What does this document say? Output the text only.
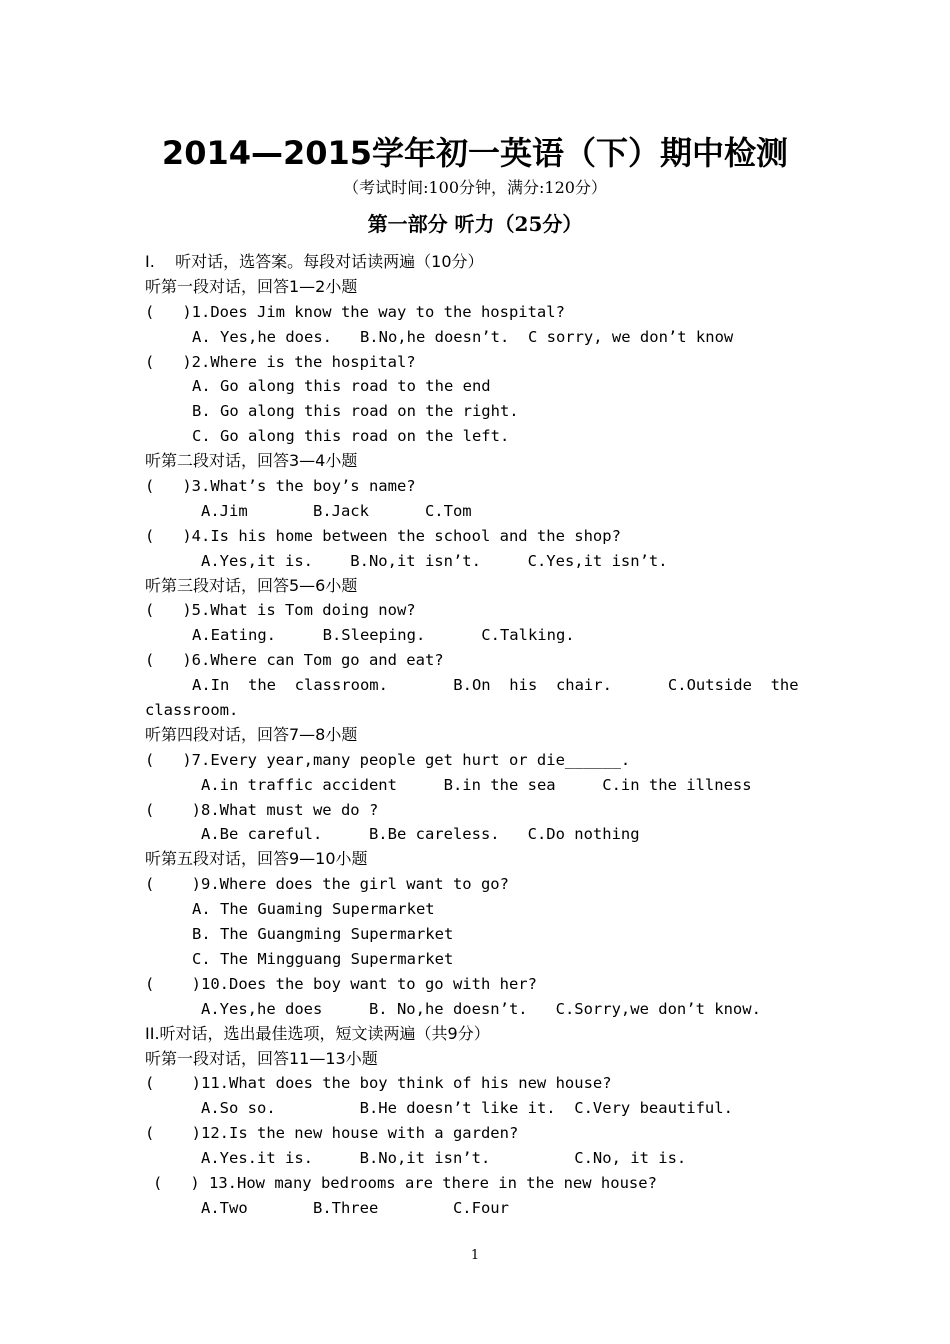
2014—2015学年初一英语（下）期中检测
（考试时间:100分钟，满分:120分）
第一部分 听力（25分）
I.    听对话，选答案。每段对话读两遍（10分）
听第一段对话，回答1—2小题
(   )1.Does Jim know the way to the hospital?
A. Yes,he does.   B.No,he doesn’t.  C sorry, we don’t know
(   )2.Where is the hospital?
A. Go along this road to the end
B. Go along this road on the right.
C. Go along this road on the left.
听第二段对话，回答3—4小题
(   )3.What’s the boy’s name?
A.Jim       B.Jack      C.Tom
(   )4.Is his home between the school and the shop?
A.Yes,it is.    B.No,it isn’t.     C.Yes,it isn’t.
听第三段对话，回答5—6小题
(   )5.What is Tom doing now?
A.Eating.     B.Sleeping.      C.Talking.
(   )6.Where can Tom go and eat?
A.In  the  classroom.       B.On  his  chair.      C.Outside  the
classroom.
听第四段对话，回答7—8小题
(   )7.Every year,many people get hurt or die______.
A.in traffic accident     B.in the sea     C.in the illness
(    )8.What must we do ?
A.Be careful.     B.Be careless.   C.Do nothing
听第五段对话，回答9—10小题
(    )9.Where does the girl want to go?
A. The Guaming Supermarket
B. The Guangming Supermarket
C. The Mingguang Supermarket
(    )10.Does the boy want to go with her?
A.Yes,he does     B. No,he doesn’t.   C.Sorry,we don’t know.
II.听对话，选出最佳选项，短文读两遍（共9分）
听第一段对话，回答11—13小题
(    )11.What does the boy think of his new house?
A.So so.         B.He doesn’t like it.  C.Very beautiful.
(    )12.Is the new house with a garden?
A.Yes.it is.     B.No,it isn’t.         C.No, it is.
(   ) 13.How many bedrooms are there in the new house?
A.Two       B.Three        C.Four
1
